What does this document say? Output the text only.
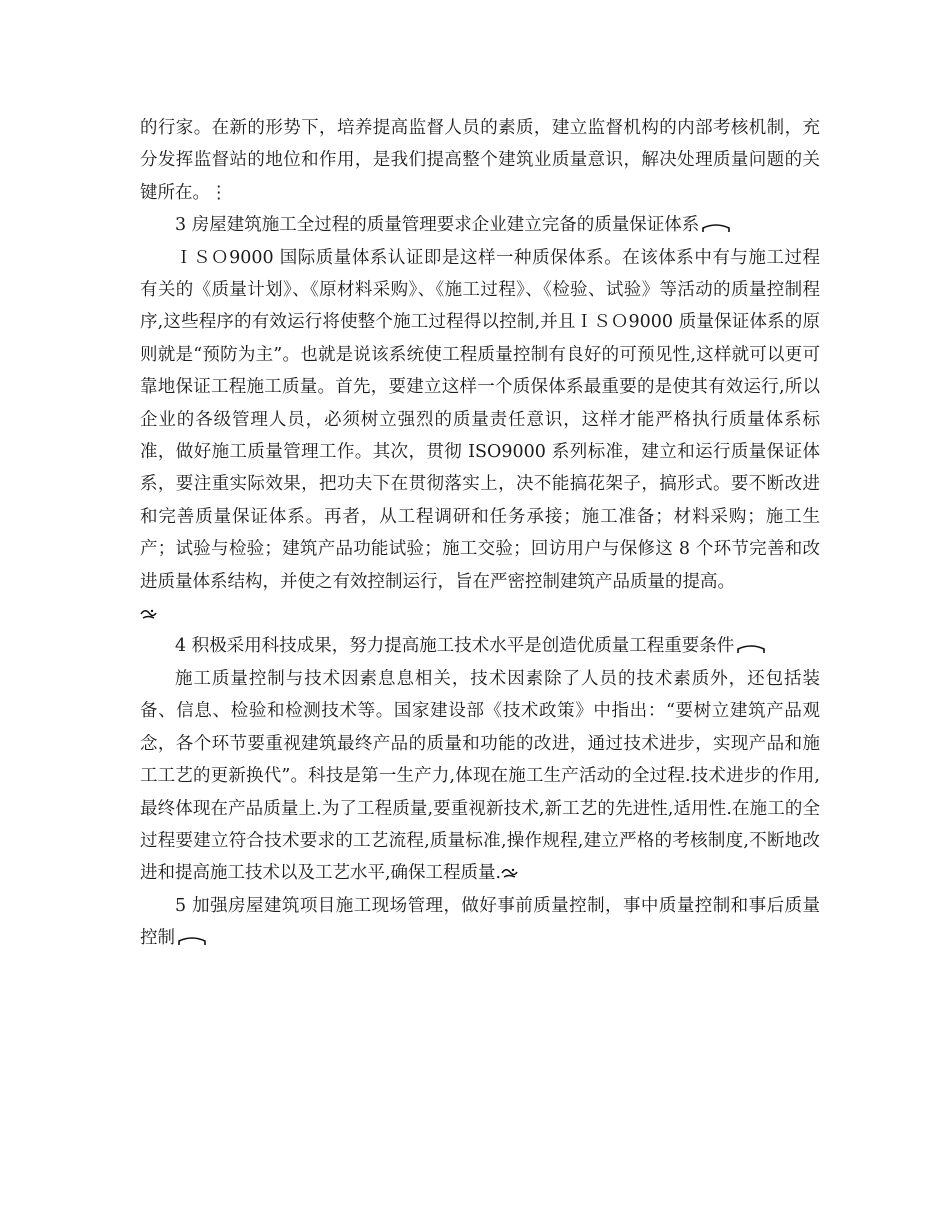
的行家。在新的形势下，培养提高监督人员的素质，建立监督机构的内部考核机制，充分发挥监督站的地位和作用，是我们提高整个建筑业质量意识，解决处理质量问题的关键所在。⋮

3 房屋建筑施工全过程的质量管理要求企业建立完备的质量保证体系

ＩＳＯ9000 国际质量体系认证即是这样一种质保体系。在该体系中有与施工过程有关的《质量计划》、《原材料采购》、《施工过程》、《检验、试验》等活动的质量控制程序,这些程序的有效运行将使整个施工过程得以控制,并且ＩＳＯ9000 质量保证体系的原则就是“预防为主”。也就是说该系统使工程质量控制有良好的可预见性,这样就可以更可靠地保证工程施工质量。首先，要建立这样一个质保体系最重要的是使其有效运行,所以企业的各级管理人员，必须树立强烈的质量责任意识，这样才能严格执行质量体系标准，做好施工质量管理工作。其次，贯彻 ISO9000 系列标准，建立和运行质量保证体系，要注重实际效果，把功夫下在贯彻落实上，决不能搞花架子，搞形式。要不断改进和完善质量保证体系。再者，从工程调研和任务承接；施工准备；材料采购；施工生产；试验与检验；建筑产品功能试验；施工交验；回访用户与保修这 8 个环节完善和改进质量体系结构，并使之有效控制运行，旨在严密控制建筑产品质量的提高。

4 积极采用科技成果，努力提高施工技术水平是创造优质量工程重要条件

施工质量控制与技术因素息息相关，技术因素除了人员的技术素质外，还包括装备、信息、检验和检测技术等。国家建设部《技术政策》中指出：“要树立建筑产品观念，各个环节要重视建筑最终产品的质量和功能的改进，通过技术进步，实现产品和施工工艺的更新换代”。科技是第一生产力,体现在施工生产活动的全过程.技术进步的作用,最终体现在产品质量上.为了工程质量,要重视新技术,新工艺的先进性,适用性.在施工的全过程要建立符合技术要求的工艺流程,质量标准,操作规程,建立严格的考核制度,不断地改进和提高施工技术以及工艺水平,确保工程质量.

5 加强房屋建筑项目施工现场管理，做好事前质量控制，事中质量控制和事后质量控制
